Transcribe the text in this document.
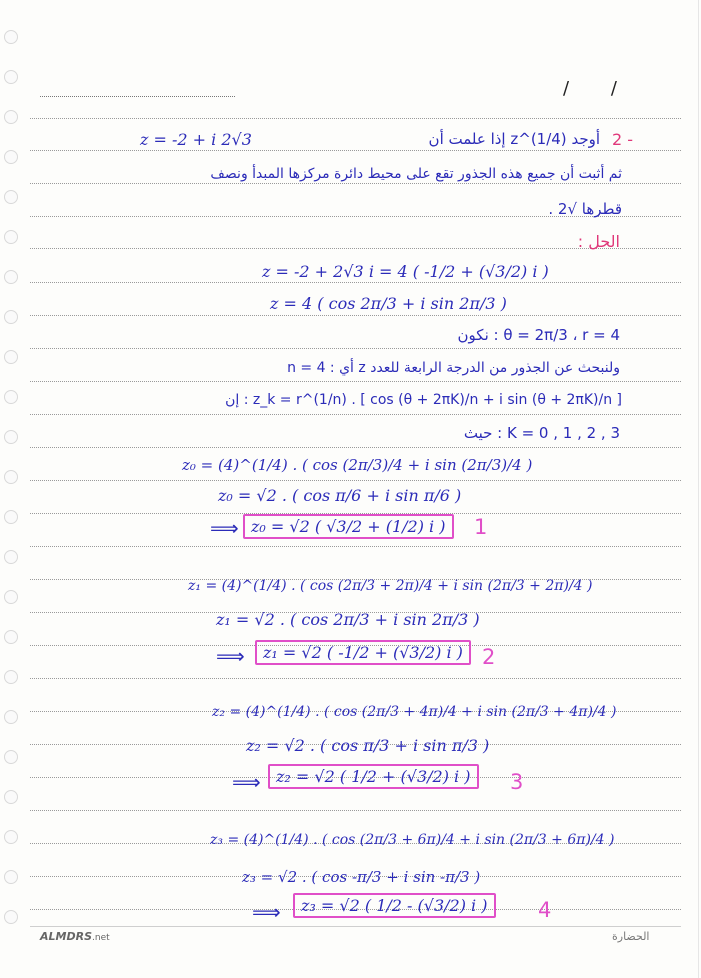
/ /
2 -
z = -2 + i 2√3	أوجد z^(1/4) إذا علمت أن
ثم أثبت أن جميع هذه الجذور تقع على محيط دائرة مركزها المبدأ ونصف
قطرها √2 .
الحل :
z = -2 + 2√3 i = 4 ( -1/2 + (√3/2) i )
z = 4 ( cos 2π/3 + i sin 2π/3 )
θ = 2π/3 ، r = 4 : نكون
ولنبحث عن الجذور من الدرجة الرابعة للعدد z أي : n = 4
z_k = r^(1/n) . [ cos (θ + 2πK)/n + i sin (θ + 2πK)/n ] : إن
K = 0 , 1 , 2 , 3 : حيث
z₀ = (4)^(1/4) . ( cos (2π/3)/4 + i sin (2π/3)/4 )
z₀ = √2 . ( cos π/6 + i sin π/6 )
⟹ z₀ = √2 ( √3/2 + (1/2) i )	1
z₁ = (4)^(1/4) . ( cos (2π/3 + 2π)/4 + i sin (2π/3 + 2π)/4 )
z₁ = √2 . ( cos 2π/3 + i sin 2π/3 )
⟹	z₁ = √2 ( -1/2 + (√3/2) i ) 2
z₂ = (4)^(1/4) . ( cos (2π/3 + 4π)/4 + i sin (2π/3 + 4π)/4 )
z₂ = √2 . ( cos π/3 + i sin π/3 )
⟹ z₂ = √2 ( 1/2 + (√3/2) i )	3
z₃ = (4)^(1/4) . ( cos (2π/3 + 6π)/4 + i sin (2π/3 + 6π)/4 )
z₃ = √2 . ( cos -π/3 + i sin -π/3 )
⟹	z₃ = √2 ( 1/2 - (√3/2) i )	4
ALMDRS.net	الحضارة
